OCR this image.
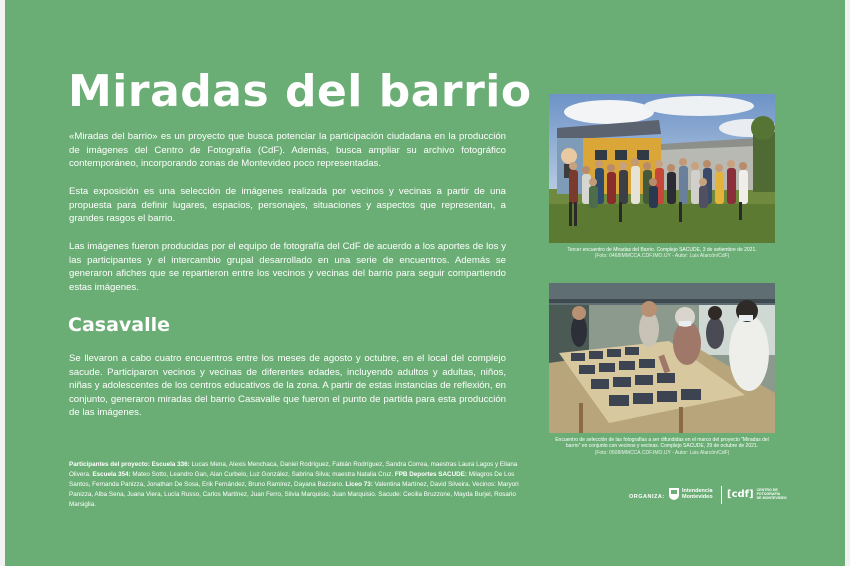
Miradas del barrio

«Miradas del barrio» es un proyecto que busca potenciar la participación ciudadana en la producción de imágenes del Centro de Fotografía (CdF). Además, busca ampliar su archivo fotográfico contemporáneo, incorporando zonas de Montevideo poco representadas.

Esta exposición es una selección de imágenes realizada por vecinos y vecinas a partir de una propuesta para definir lugares, espacios, personajes, situaciones y aspectos que representan, a grandes rasgos el barrio.

Las imágenes fueron producidas por el equipo de fotografía del CdF de acuerdo a los aportes de los y las participantes y el intercambio grupal desarrollado en una serie de encuentros. Además se generaron afiches que se repartieron entre los vecinos y vecinas del barrio para seguir compartiendo estas imágenes.

Casavalle

Se llevaron a cabo cuatro encuentros entre los meses de agosto y octubre, en el local del complejo sacude. Participaron vecinos y vecinas de diferentes edades, incluyendo adultos y adultas, niños, niñas y adolescentes de los centros educativos de la zona. A partir de estas instancias de reflexión, en conjunto, generaron miradas del barrio Casavalle que fueron el punto de partida para esta producción de las imágenes.

Participantes del proyecto: Escuela 336: Lucas Mena, Alexis Menchaca, Daniel Rodríguez, Fabián Rodríguez, Sandra Correa, maestras Laura Lagos y Eliana Olivera. Escuela 354: Mateo Sotto, Leandro Gan, Alan Curbelo, Luz González, Sabrina Silva; maestra Natalia Cruz. FPB Deportes SACUDE: Milagros De Los Santos, Fernanda Panizza, Jonathan De Sosa, Erik Fernández, Bruno Ramírez, Dayana Bazzano. Liceo 73: Valentina Martínez, David Silveira. Vecinos: Maryori Panizza, Alba Sena, Juana Viera, Lucía Russo, Carlos Martínez, Juan Ferro, Silvia Marquisio, Juan Marquisio. Sacude: Cecilia Bruzzone, Mayda Burjel, Rosario Marsiglia.

Tercer encuentro de Miradas del Barrio. Complejo SACUDE, 3 de setiembre de 2021.
(Foto: 0468IMMCCA.CDF.IMO.UY - Autor: Luis Alarcón/CdF)

Encuentro de selección de las fotografías a ser difundidas en el marco del proyecto "Miradas del barrio" en conjunto con vecinos y vecinas. Complejo SACUDE, 29 de octubre de 2021.
(Foto: 0508IMMCCA.CDF.IMO.UY - Autor: Luis Alarcón/CdF)

ORGANIZA:
Intendencia
Montevideo [cdf] CENTRO DE
FOTOGRAFÍA
DE MONTEVIDEO
